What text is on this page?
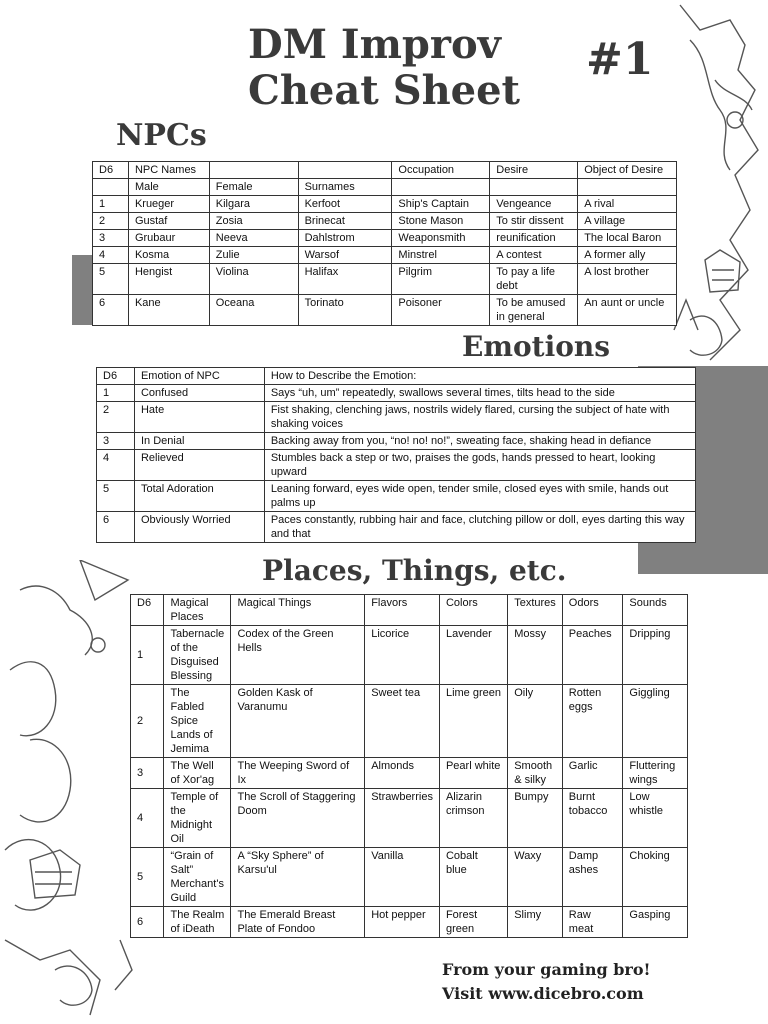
DM Improv
Cheat Sheet
#1
NPCs
Emotions
Places, Things, etc.
D6	NPC Names			Occupation	Desire	Object of Desire
	Male	Female	Surnames			
1	Krueger	Kilgara	Kerfoot	Ship's Captain	Vengeance	A rival
2	Gustaf	Zosia	Brinecat	Stone Mason	To stir dissent	A village
3	Grubaur	Neeva	Dahlstrom	Weaponsmith	reunification	The local Baron
4	Kosma	Zulie	Warsof	Minstrel	A contest	A former ally
5	Hengist	Violina	Halifax	Pilgrim	To pay a life debt	A lost brother
6	Kane	Oceana	Torinato	Poisoner	To be amused in general	An aunt or uncle
D6	Emotion of NPC	How to Describe the Emotion:
1	Confused	Says “uh, um” repeatedly, swallows several times, tilts head to the side
2	Hate	Fist shaking, clenching jaws, nostrils widely flared, cursing the subject of hate with shaking voices
3	In Denial	Backing away from you, “no! no! no!”, sweating face, shaking head in defiance
4	Relieved	Stumbles back a step or two, praises the gods, hands pressed to heart, looking upward
5	Total Adoration	Leaning forward, eyes wide open, tender smile, closed eyes with smile, hands out palms up
6	Obviously Worried	Paces constantly, rubbing hair and face, clutching pillow or doll, eyes darting this way and that
D6	Magical Places	Magical Things	Flavors	Colors	Textures	Odors	Sounds
1	Tabernacle of the Disguised Blessing	Codex of the Green Hells	Licorice	Lavender	Mossy	Peaches	Dripping
2	The Fabled Spice Lands of Jemima	Golden Kask of Varanumu	Sweet tea	Lime green	Oily	Rotten eggs	Giggling
3	The Well of Xor'ag	The Weeping Sword of Ix	Almonds	Pearl white	Smooth & silky	Garlic	Fluttering wings
4	Temple of the Midnight Oil	The Scroll of Staggering Doom	Strawberries	Alizarin crimson	Bumpy	Burnt tobacco	Low whistle
5	“Grain of Salt” Merchant's Guild	A “Sky Sphere” of Karsu'ul	Vanilla	Cobalt blue	Waxy	Damp ashes	Choking
6	The Realm of iDeath	The Emerald Breast Plate of Fondoo	Hot pepper	Forest green	Slimy	Raw meat	Gasping
From your gaming bro!
Visit www.dicebro.com
